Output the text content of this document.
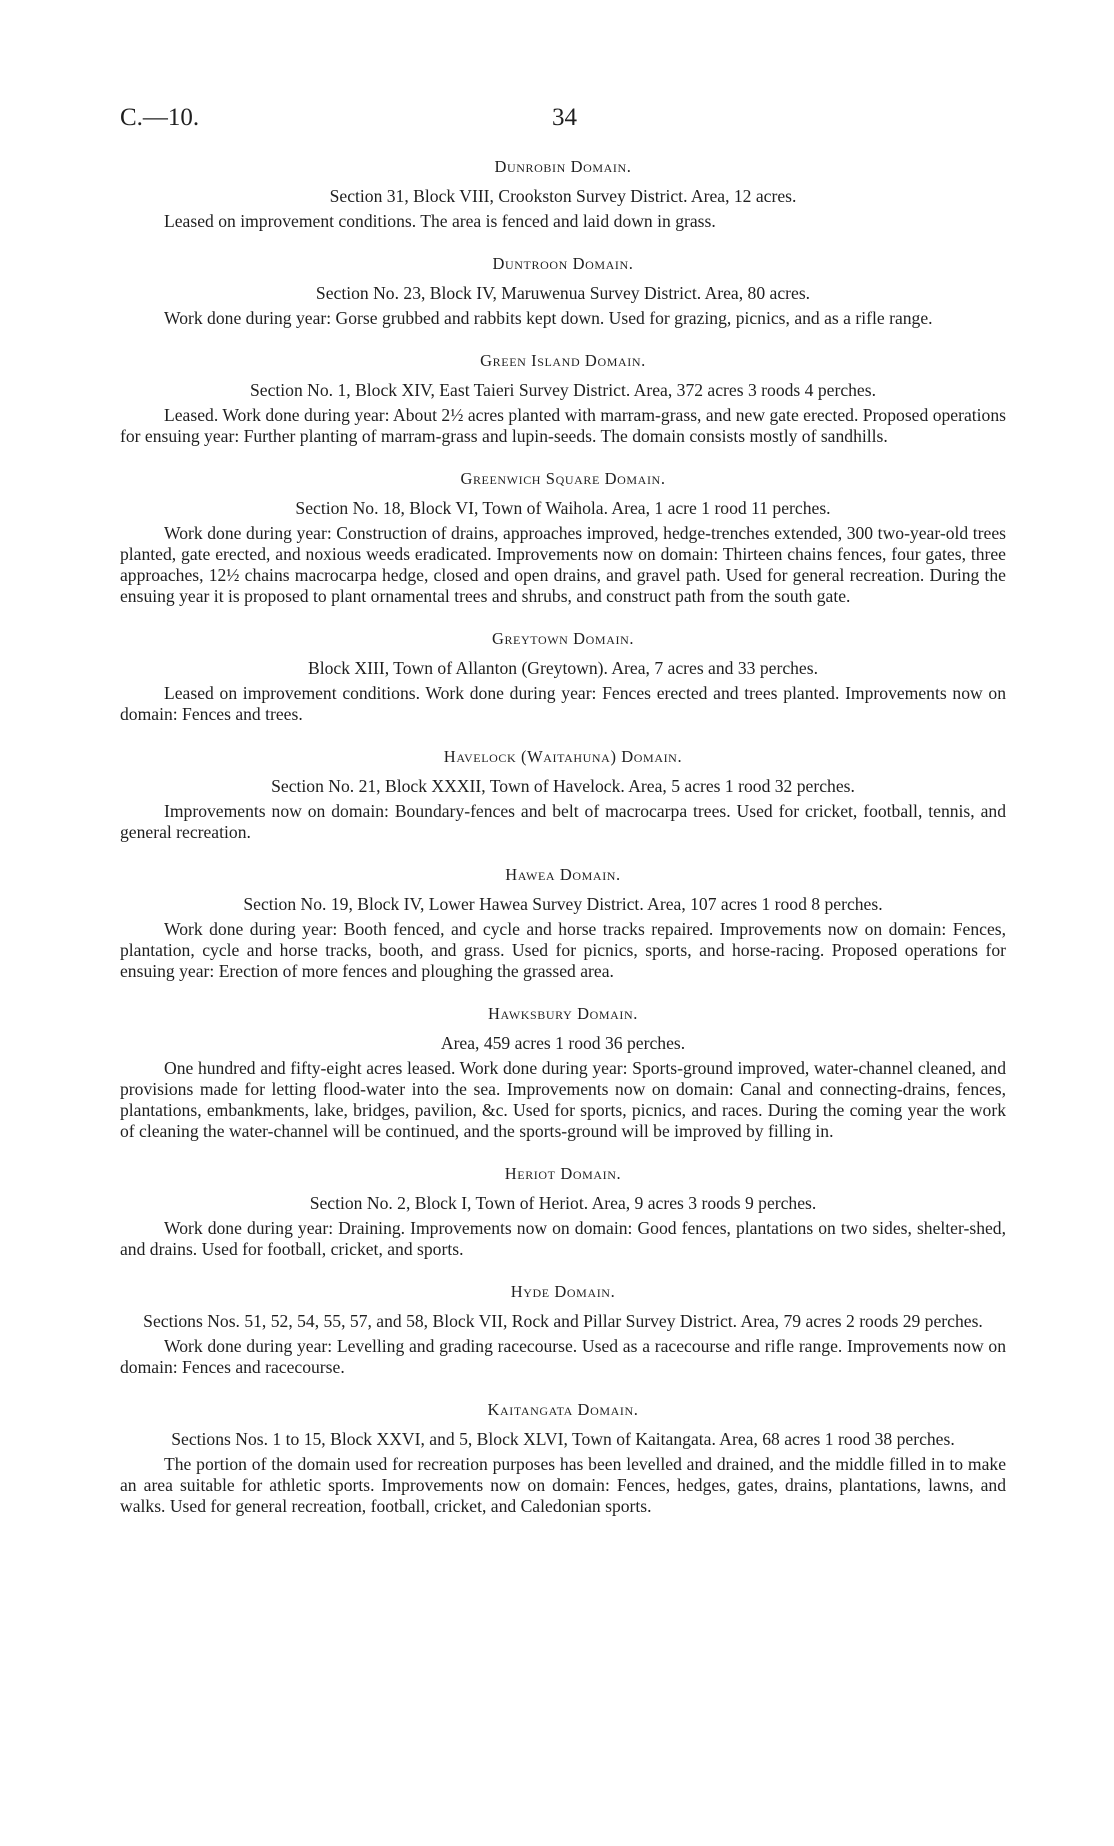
C.—10.	34
Dunrobin Domain.
Section 31, Block VIII, Crookston Survey District. Area, 12 acres.
Leased on improvement conditions. The area is fenced and laid down in grass.
Duntroon Domain.
Section No. 23, Block IV, Maruwenua Survey District. Area, 80 acres.
Work done during year: Gorse grubbed and rabbits kept down. Used for grazing, picnics, and as a rifle range.
Green Island Domain.
Section No. 1, Block XIV, East Taieri Survey District. Area, 372 acres 3 roods 4 perches.
Leased. Work done during year: About 2½ acres planted with marram-grass, and new gate erected. Proposed operations for ensuing year: Further planting of marram-grass and lupin-seeds. The domain consists mostly of sandhills.
Greenwich Square Domain.
Section No. 18, Block VI, Town of Waihola. Area, 1 acre 1 rood 11 perches.
Work done during year: Construction of drains, approaches improved, hedge-trenches extended, 300 two-year-old trees planted, gate erected, and noxious weeds eradicated. Improvements now on domain: Thirteen chains fences, four gates, three approaches, 12½ chains macrocarpa hedge, closed and open drains, and gravel path. Used for general recreation. During the ensuing year it is proposed to plant ornamental trees and shrubs, and construct path from the south gate.
Greytown Domain.
Block XIII, Town of Allanton (Greytown). Area, 7 acres and 33 perches.
Leased on improvement conditions. Work done during year: Fences erected and trees planted. Improvements now on domain: Fences and trees.
Havelock (Waitahuna) Domain.
Section No. 21, Block XXXII, Town of Havelock. Area, 5 acres 1 rood 32 perches.
Improvements now on domain: Boundary-fences and belt of macrocarpa trees. Used for cricket, football, tennis, and general recreation.
Hawea Domain.
Section No. 19, Block IV, Lower Hawea Survey District. Area, 107 acres 1 rood 8 perches.
Work done during year: Booth fenced, and cycle and horse tracks repaired. Improvements now on domain: Fences, plantation, cycle and horse tracks, booth, and grass. Used for picnics, sports, and horse-racing. Proposed operations for ensuing year: Erection of more fences and ploughing the grassed area.
Hawksbury Domain.
Area, 459 acres 1 rood 36 perches.
One hundred and fifty-eight acres leased. Work done during year: Sports-ground improved, water-channel cleaned, and provisions made for letting flood-water into the sea. Improvements now on domain: Canal and connecting-drains, fences, plantations, embankments, lake, bridges, pavilion, &c. Used for sports, picnics, and races. During the coming year the work of cleaning the water-channel will be continued, and the sports-ground will be improved by filling in.
Heriot Domain.
Section No. 2, Block I, Town of Heriot. Area, 9 acres 3 roods 9 perches.
Work done during year: Draining. Improvements now on domain: Good fences, plantations on two sides, shelter-shed, and drains. Used for football, cricket, and sports.
Hyde Domain.
Sections Nos. 51, 52, 54, 55, 57, and 58, Block VII, Rock and Pillar Survey District. Area, 79 acres 2 roods 29 perches.
Work done during year: Levelling and grading racecourse. Used as a racecourse and rifle range. Improvements now on domain: Fences and racecourse.
Kaitangata Domain.
Sections Nos. 1 to 15, Block XXVI, and 5, Block XLVI, Town of Kaitangata. Area, 68 acres 1 rood 38 perches.
The portion of the domain used for recreation purposes has been levelled and drained, and the middle filled in to make an area suitable for athletic sports. Improvements now on domain: Fences, hedges, gates, drains, plantations, lawns, and walks. Used for general recreation, football, cricket, and Caledonian sports.
